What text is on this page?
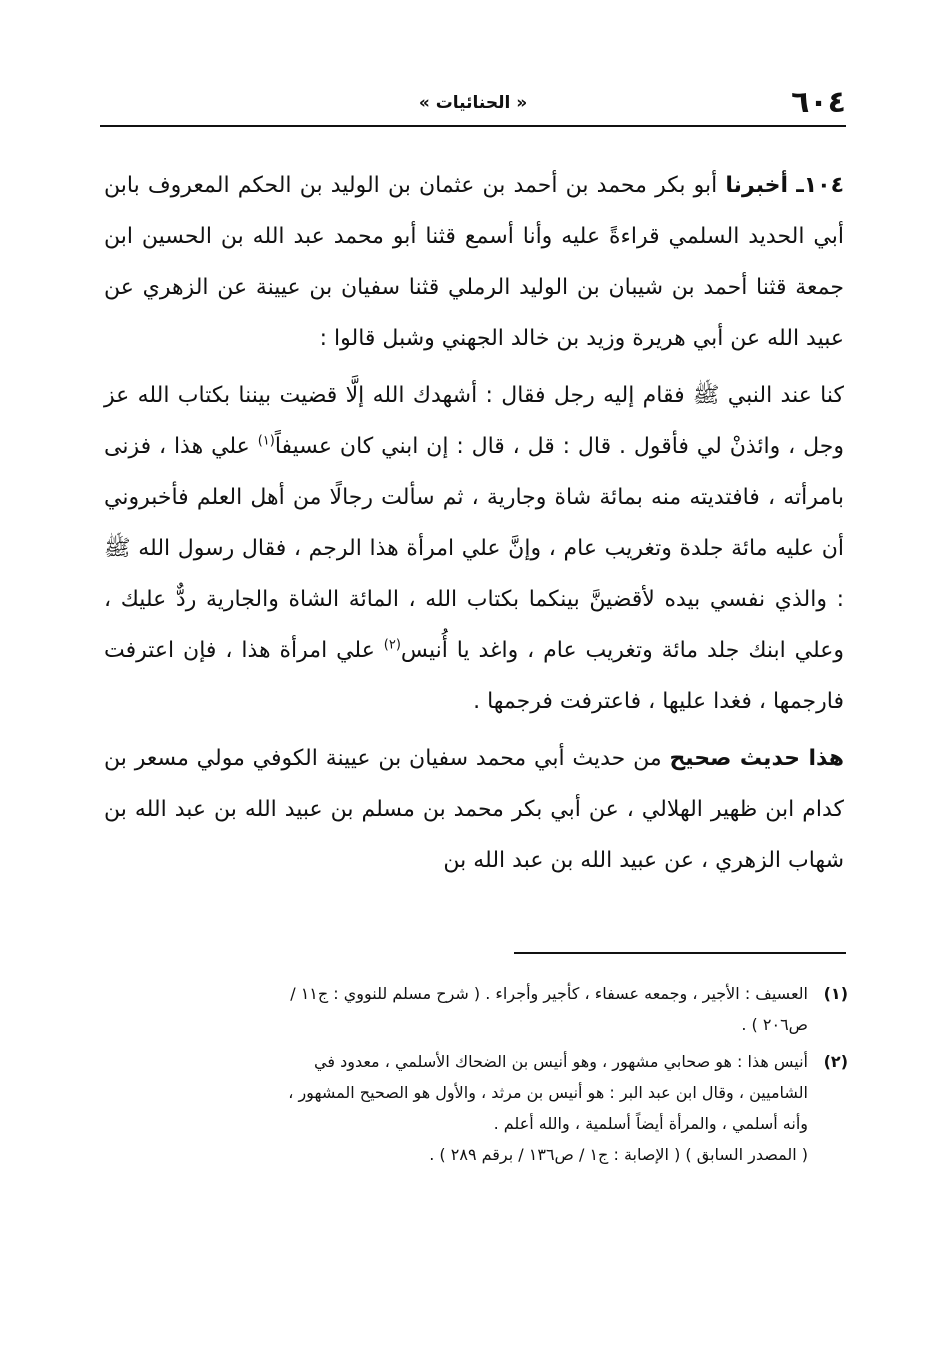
٦٠٤
« الحنائيات »

١٠٤ـ أخبرنا أبو بكر محمد بن أحمد بن عثمان بن الوليد بن الحكم المعروف بابن أبي الحديد السلمي قراءةً عليه وأنا أسمع قثنا أبو محمد عبد الله بن الحسين ابن جمعة قثنا أحمد بن شيبان بن الوليد الرملي قثنا سفيان بن عيينة عن الزهري عن عبيد الله عن أبي هريرة وزيد بن خالد الجهني وشبل قالوا :

كنا عند النبي ﷺ فقام إليه رجل فقال : أشهدك الله إلَّا قضيت بيننا بكتاب الله عز وجل ، وائذنْ لي فأقول . قال : قل ، قال : إن ابني كان عسيفاً$^{(١)}$ علي هذا ، فزنى بامرأته ، فافتديته منه بمائة شاة وجارية ، ثم سألت رجالًا من أهل العلم فأخبروني أن عليه مائة جلدة وتغريب عام ، وإنَّ علي امرأة هذا الرجم ، فقال رسول الله ﷺ : والذي نفسي بيده لأقضينَّ بينكما بكتاب الله ، المائة الشاة والجارية ردٌّ عليك ، وعلي ابنك جلد مائة وتغريب عام ، واغد يا أُنيس$^{(٢)}$ علي امرأة هذا ، فإن اعترفت فارجمها ، فغدا عليها ، فاعترفت فرجمها .

هذا حديث صحيح من حديث أبي محمد سفيان بن عيينة الكوفي مولي مسعر بن كدام ابن ظهير الهلالي ، عن أبي بكر محمد بن مسلم بن عبيد الله بن عبد الله بن شهاب الزهري ، عن عبيد الله بن عبد الله بن

(١)
العسيف : الأجير ، وجمعه عسفاء ، كأجير وأجراء . ( شرح مسلم للنووي : ج١١ /
ص٢٠٦ ) .
(٢)
أنيس هذا : هو صحابي مشهور ، وهو أنيس بن الضحاك الأسلمي ، معدود في
الشاميين ، وقال ابن عبد البر : هو أنيس بن مرثد ، والأول هو الصحيح المشهور ،
وأنه أسلمي ، والمرأة أيضاً أسلمية ، والله أعلم .
( المصدر السابق ) ( الإصابة : ج١ / ص١٣٦ / برقم ٢٨٩ ) .
